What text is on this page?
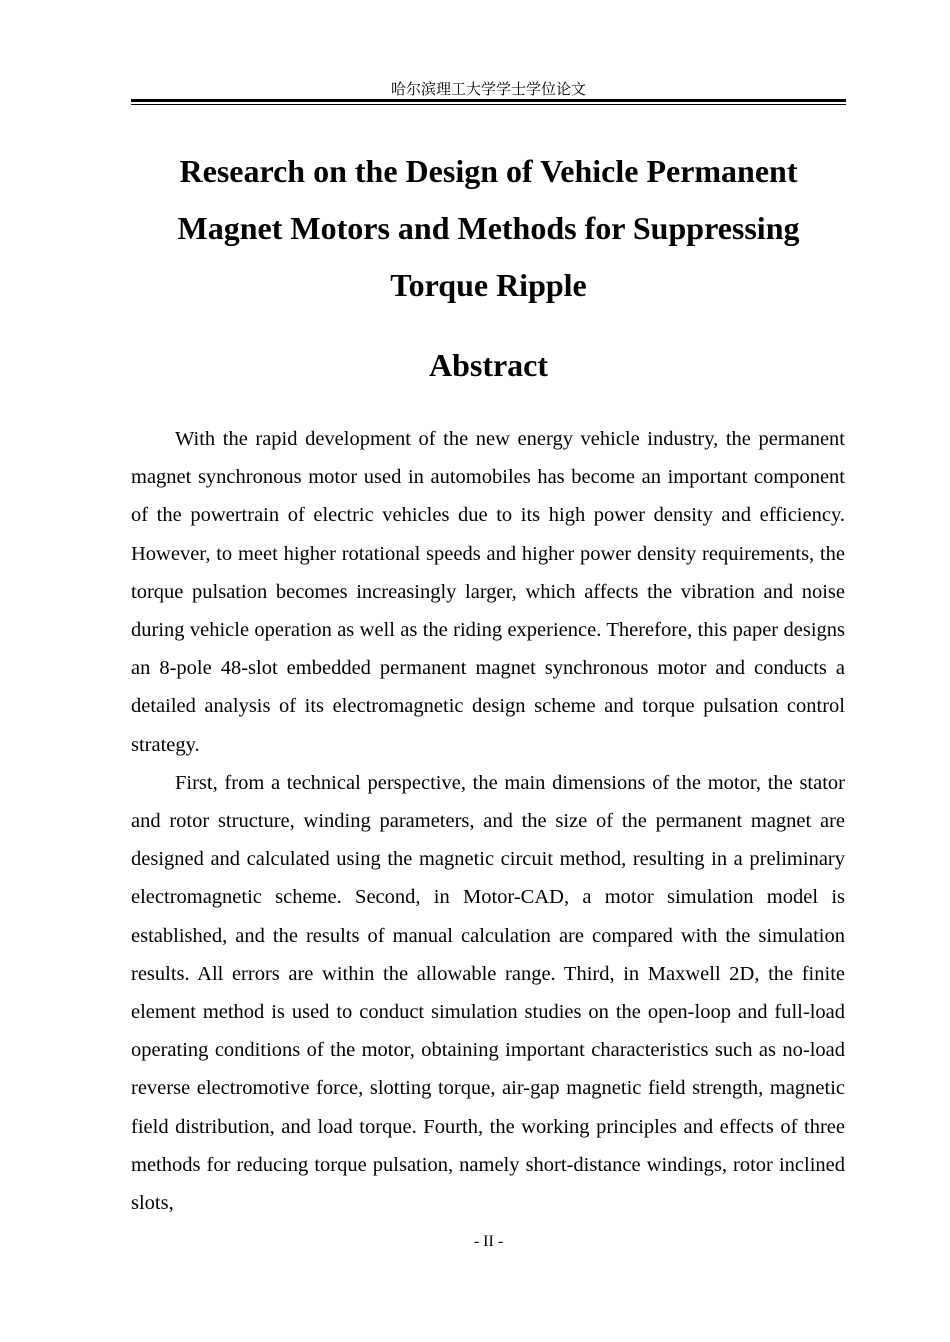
哈尔滨理工大学学士学位论文
Research on the Design of Vehicle Permanent Magnet Motors and Methods for Suppressing Torque Ripple
Abstract

With the rapid development of the new energy vehicle industry, the permanent magnet synchronous motor used in automobiles has become an important component of the powertrain of electric vehicles due to its high power density and efficiency. However, to meet higher rotational speeds and higher power density requirements, the torque pulsation becomes increasingly larger, which affects the vibration and noise during vehicle operation as well as the riding experience. Therefore, this paper designs an 8-pole 48-slot embedded permanent magnet synchronous motor and conducts a detailed analysis of its electromagnetic design scheme and torque pulsation control strategy.

First, from a technical perspective, the main dimensions of the motor, the stator and rotor structure, winding parameters, and the size of the permanent magnet are designed and calculated using the magnetic circuit method, resulting in a preliminary electromagnetic scheme. Second, in Motor-CAD, a motor simulation model is established, and the results of manual calculation are compared with the simulation results. All errors are within the allowable range. Third, in Maxwell 2D, the finite element method is used to conduct simulation studies on the open-loop and full-load operating conditions of the motor, obtaining important characteristics such as no-load reverse electromotive force, slotting torque, air-gap magnetic field strength, magnetic field distribution, and load torque. Fourth, the working principles and effects of three methods for reducing torque pulsation, namely short-distance windings, rotor inclined slots,

- II -
